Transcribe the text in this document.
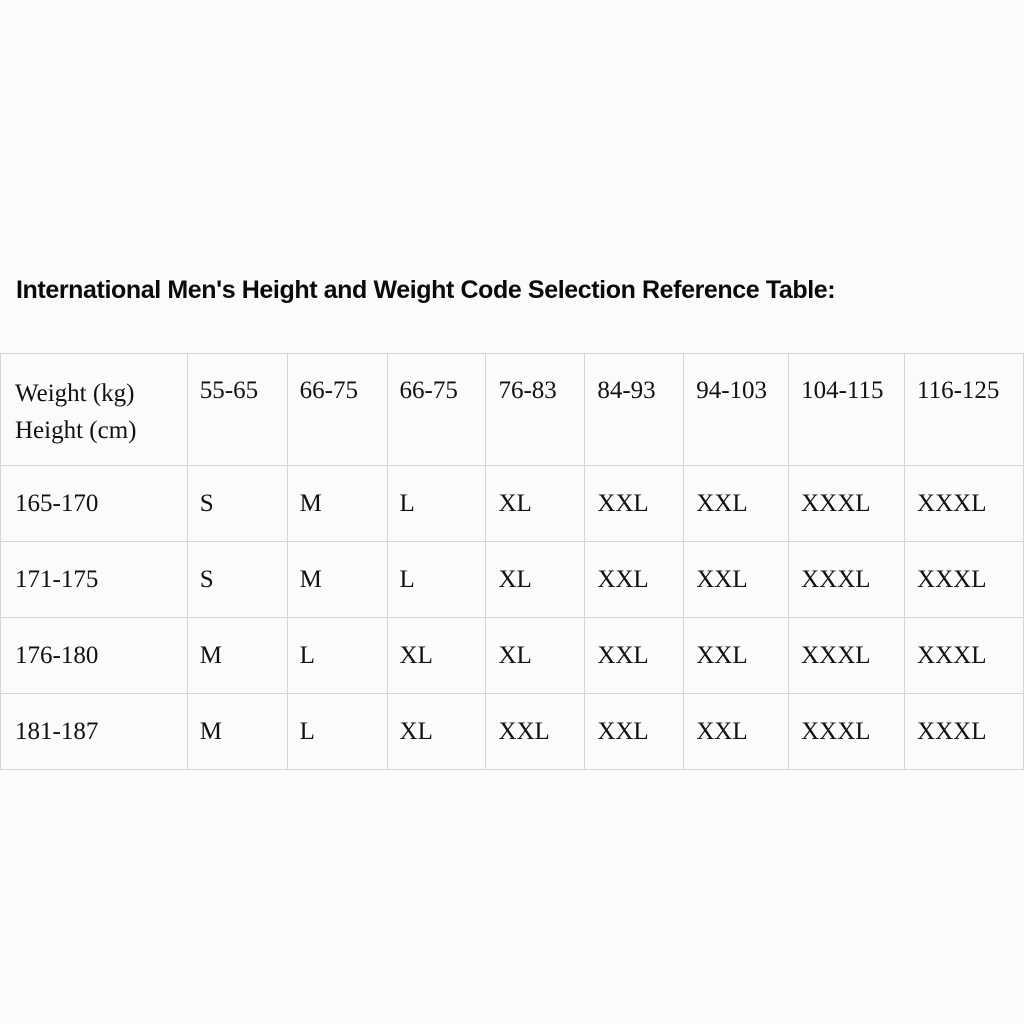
International Men's Height and Weight Code Selection Reference Table:
Weight (kg)
Height (cm)	55-65	66-75	66-75	76-83	84-93	94-103	104-115	116-125
165-170	S	M	L	XL	XXL	XXL	XXXL	XXXL
171-175	S	M	L	XL	XXL	XXL	XXXL	XXXL
176-180	M	L	XL	XL	XXL	XXL	XXXL	XXXL
181-187	M	L	XL	XXL	XXL	XXL	XXXL	XXXL
